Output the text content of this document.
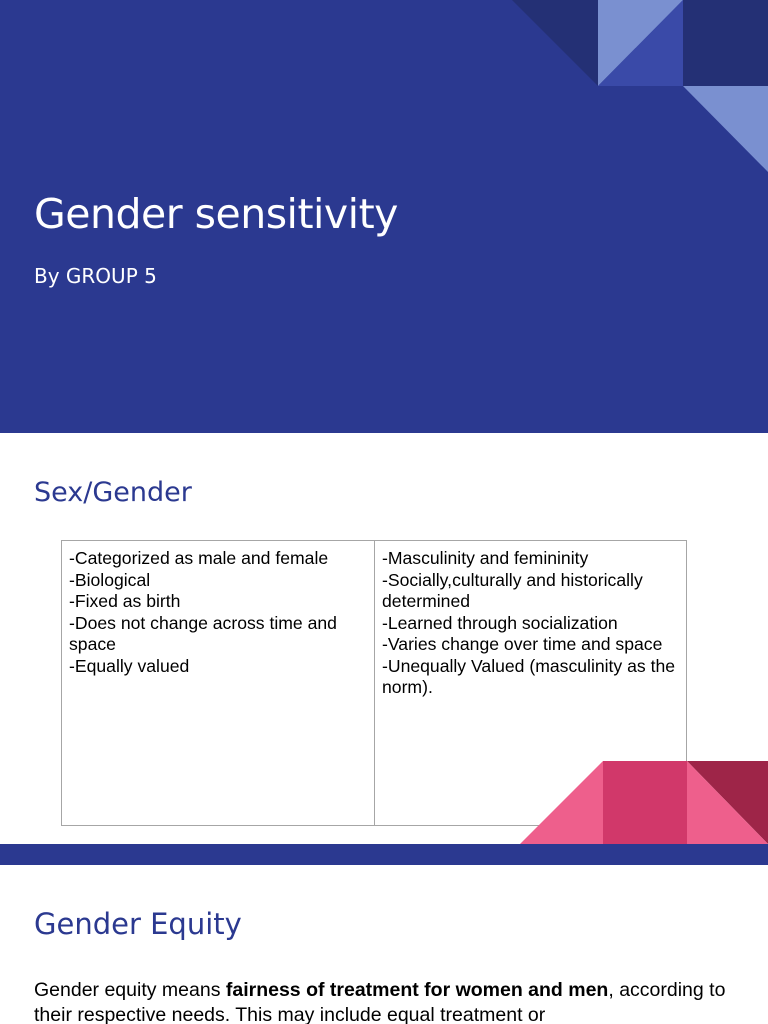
Gender sensitivity

By GROUP 5

Sex/Gender
-Categorized as male and female
-Biological
-Fixed as birth
-Does not change across time and space
-Equally valued
-Masculinity and femininity
-Socially,culturally and historically determined
-Learned through socialization
-Varies change over time and space
-Unequally Valued (masculinity as the norm).
Gender Equity

Gender equity means fairness of treatment for women and men, according to their respective needs. This may include equal treatment or
